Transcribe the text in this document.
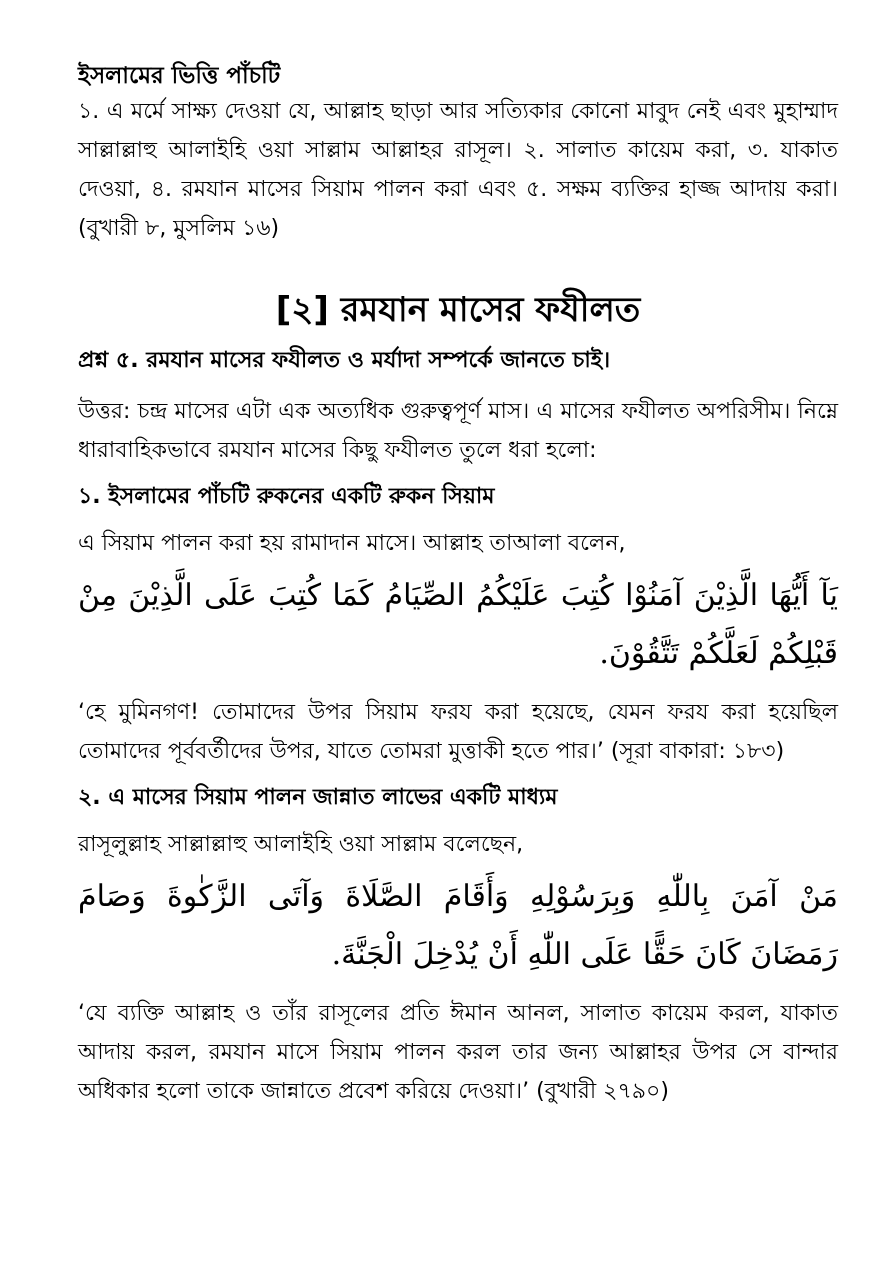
ইসলামের ভিত্তি পাঁচটি

১. এ মর্মে সাক্ষ্য দেওয়া যে, আল্লাহ ছাড়া আর সত্যিকার কোনো মাবুদ নেই এবং মুহাম্মাদ সাল্লাল্লাহু আলাইহি ওয়া সাল্লাম আল্লাহর রাসূল। ২. সালাত কায়েম করা, ৩. যাকাত দেওয়া, ৪. রমযান মাসের সিয়াম পালন করা এবং ৫. সক্ষম ব্যক্তির হাজ্জ আদায় করা। (বুখারী ৮, মুসলিম ১৬)

[২] রমযান মাসের ফযীলত

প্রশ্ন ৫. রমযান মাসের ফযীলত ও মর্যাদা সম্পর্কে জানতে চাই।

উত্তর: চন্দ্র মাসের এটা এক অত্যধিক গুরুত্বপূর্ণ মাস। এ মাসের ফযীলত অপরিসীম। নিম্নে ধারাবাহিকভাবে রমযান মাসের কিছু ফযীলত তুলে ধরা হলো:

১. ইসলামের পাঁচটি রুকনের একটি রুকন সিয়াম

এ সিয়াম পালন করা হয় রামাদান মাসে। আল্লাহ তাআলা বলেন,

يَآ أَيُّهَا الَّذِيْنَ آمَنُوْا كُتِبَ عَلَيْكُمُ الصِّيَامُ كَمَا كُتِبَ عَلَى الَّذِيْنَ مِنْ قَبْلِكُمْ لَعَلَّكُمْ تَتَّقُوْنَ.

‘হে মুমিনগণ! তোমাদের উপর সিয়াম ফরয করা হয়েছে, যেমন ফরয করা হয়েছিল তোমাদের পূর্ববর্তীদের উপর, যাতে তোমরা মুত্তাকী হতে পার।’ (সূরা বাকারা: ১৮৩)

২. এ মাসের সিয়াম পালন জান্নাত লাভের একটি মাধ্যম

রাসূলুল্লাহ সাল্লাল্লাহু আলাইহি ওয়া সাল্লাম বলেছেন,

مَنْ آمَنَ بِاللّٰهِ وَبِرَسُوْلِهِ وَأَقَامَ الصَّلَاةَ وَآتَى الزَّكٰوةَ وَصَامَ رَمَضَانَ كَانَ حَقًّا عَلَى اللّٰهِ أَنْ يُدْخِلَ الْجَنَّةَ.

‘যে ব্যক্তি আল্লাহ ও তাঁর রাসূলের প্রতি ঈমান আনল, সালাত কায়েম করল, যাকাত আদায় করল, রমযান মাসে সিয়াম পালন করল তার জন্য আল্লাহর উপর সে বান্দার অধিকার হলো তাকে জান্নাতে প্রবেশ করিয়ে দেওয়া।’ (বুখারী ২৭৯০)
